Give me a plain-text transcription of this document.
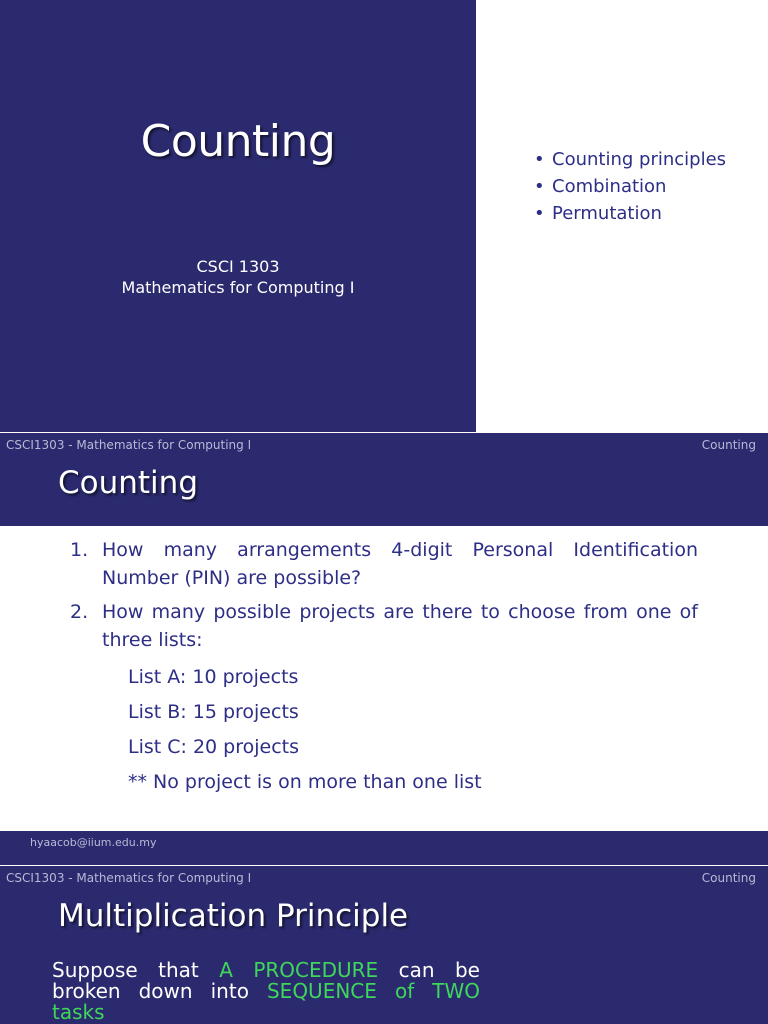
Counting
CSCI 1303
Mathematics for Computing I
• Counting principles
• Combination
• Permutation
CSCI1303 - Mathematics for Computing I	Counting
Counting
1. How many arrangements 4-digit Personal Identification Number (PIN) are possible?
2. How many possible projects are there to choose from one of three lists:
List A: 10 projects
List B: 15 projects
List C: 20 projects
** No project is on more than one list
hyaacob@iium.edu.my
CSCI1303 - Mathematics for Computing I	Counting
Multiplication Principle
Suppose that A PROCEDURE can be broken down into SEQUENCE of TWO tasks
